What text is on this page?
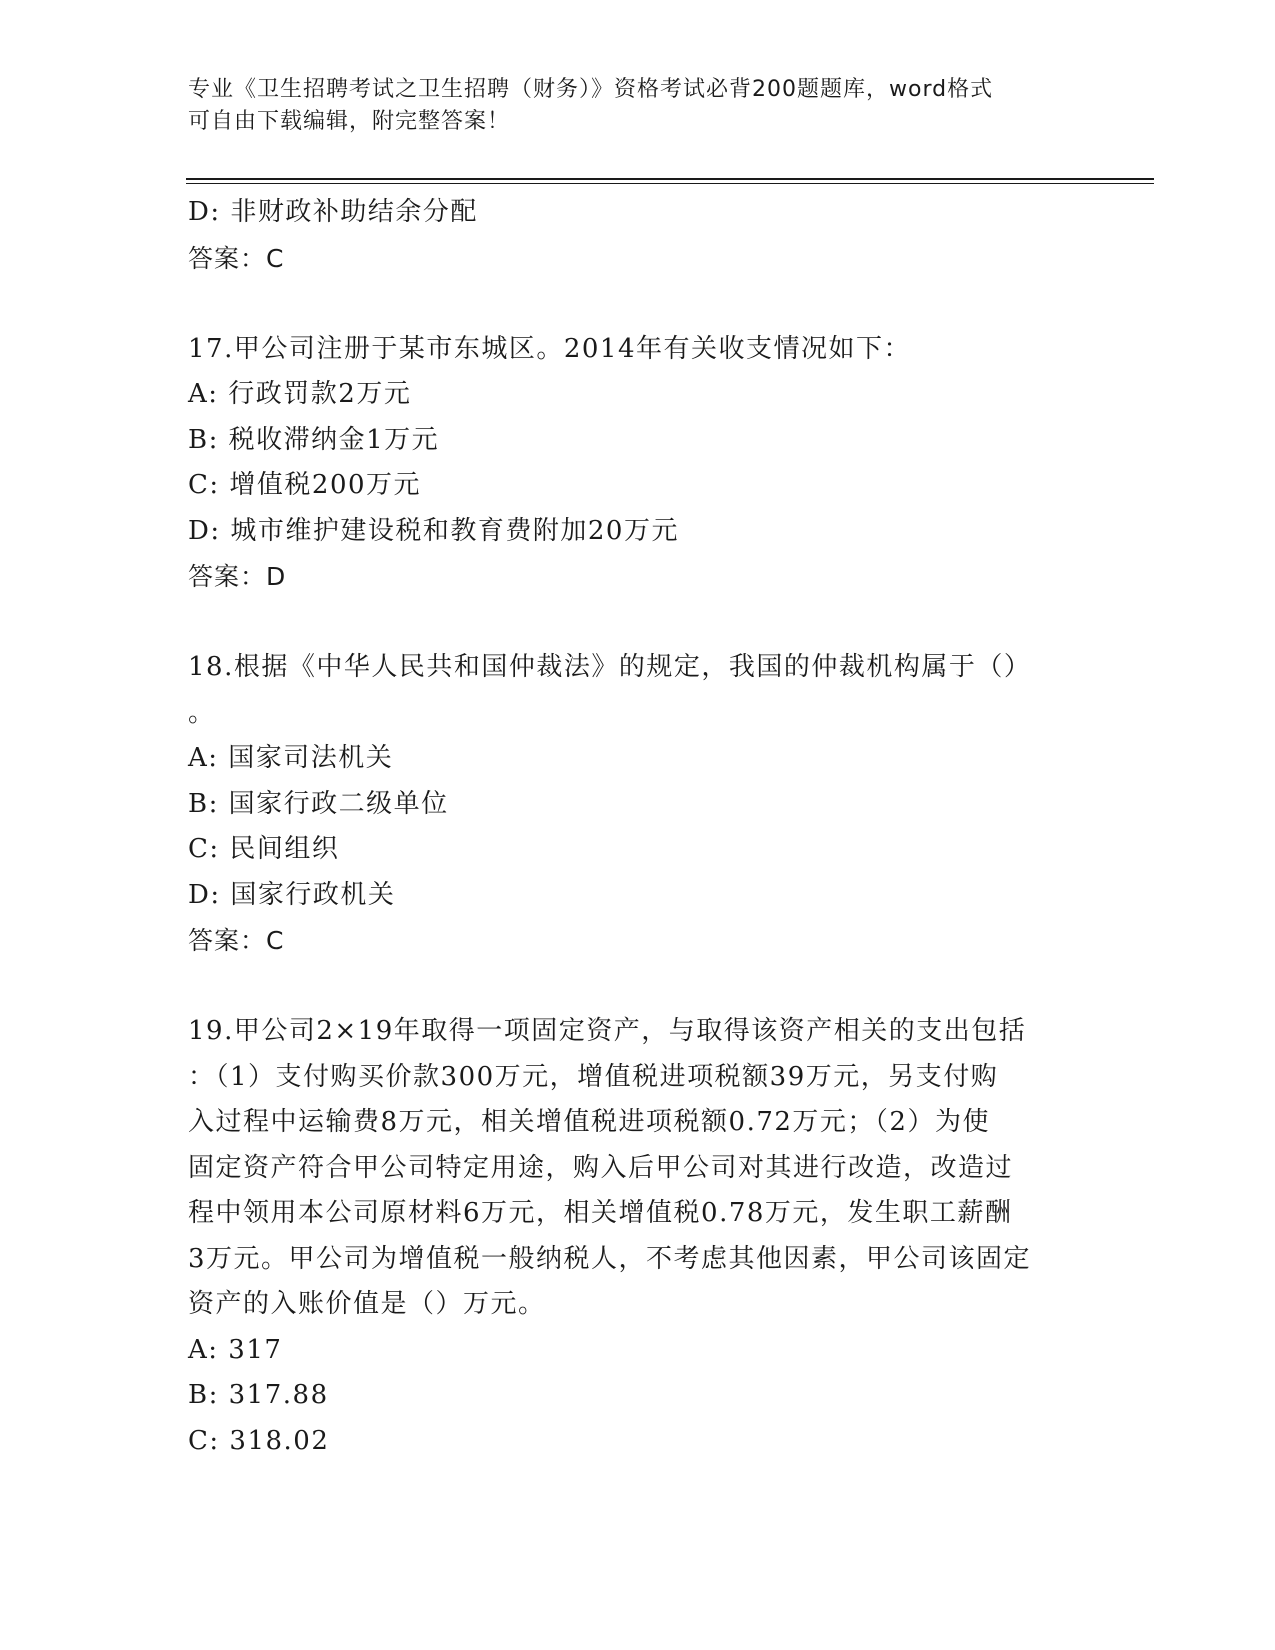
专业《卫生招聘考试之卫生招聘（财务）》资格考试必背200题题库，word格式
可自由下载编辑，附完整答案！
D: 非财政补助结余分配
答案：C
17.甲公司注册于某市东城区。2014年有关收支情况如下：
A: 行政罚款2万元
B: 税收滞纳金1万元
C: 增值税200万元
D: 城市维护建设税和教育费附加20万元
答案：D
18.根据《中华人民共和国仲裁法》的规定，我国的仲裁机构属于（）
。
A: 国家司法机关
B: 国家行政二级单位
C: 民间组织
D: 国家行政机关
答案：C
19.甲公司2×19年取得一项固定资产，与取得该资产相关的支出包括
：（1）支付购买价款300万元，增值税进项税额39万元，另支付购
入过程中运输费8万元，相关增值税进项税额0.72万元；（2）为使
固定资产符合甲公司特定用途，购入后甲公司对其进行改造，改造过
程中领用本公司原材料6万元，相关增值税0.78万元，发生职工薪酬
3万元。甲公司为增值税一般纳税人，不考虑其他因素，甲公司该固定
资产的入账价值是（）万元。
A: 317
B: 317.88
C: 318.02
